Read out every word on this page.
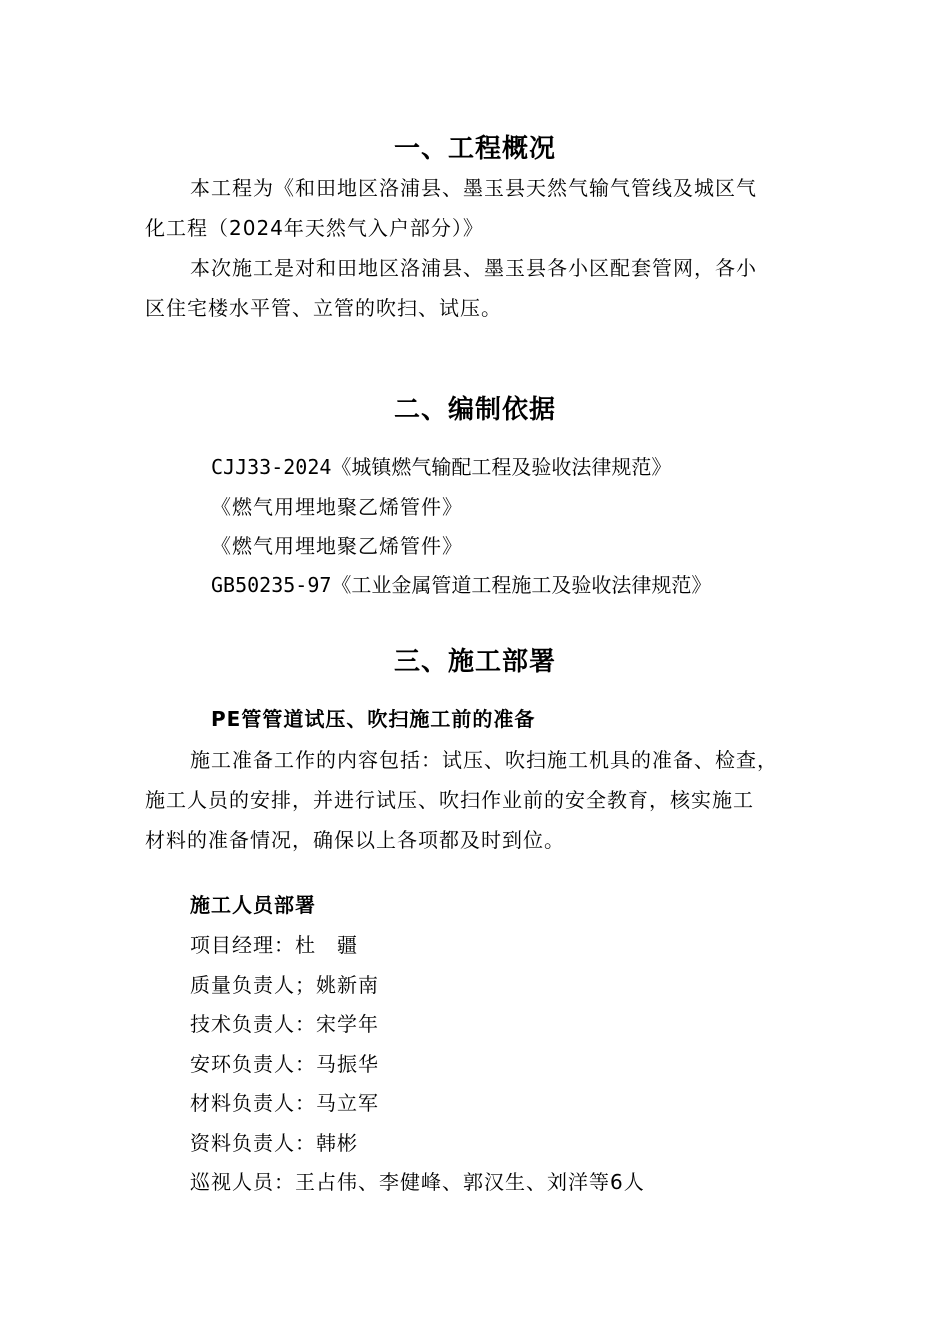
一、工程概况
本工程为《和田地区洛浦县、墨玉县天然气输气管线及城区气
化工程（2024年天然气入户部分）》
本次施工是对和田地区洛浦县、墨玉县各小区配套管网，各小
区住宅楼水平管、立管的吹扫、试压。
二、编制依据
CJJ33-2024《城镇燃气输配工程及验收法律规范》
《燃气用埋地聚乙烯管件》
《燃气用埋地聚乙烯管件》
GB50235-97《工业金属管道工程施工及验收法律规范》
三、施工部署
PE管管道试压、吹扫施工前的准备
施工准备工作的内容包括：试压、吹扫施工机具的准备、检查，
施工人员的安排，并进行试压、吹扫作业前的安全教育，核实施工
材料的准备情况，确保以上各项都及时到位。
施工人员部署
项目经理：杜　疆
质量负责人；姚新南
技术负责人：宋学年
安环负责人：马振华
材料负责人：马立军
资料负责人：韩彬
巡视人员：王占伟、李健峰、郭汉生、刘洋等6人
